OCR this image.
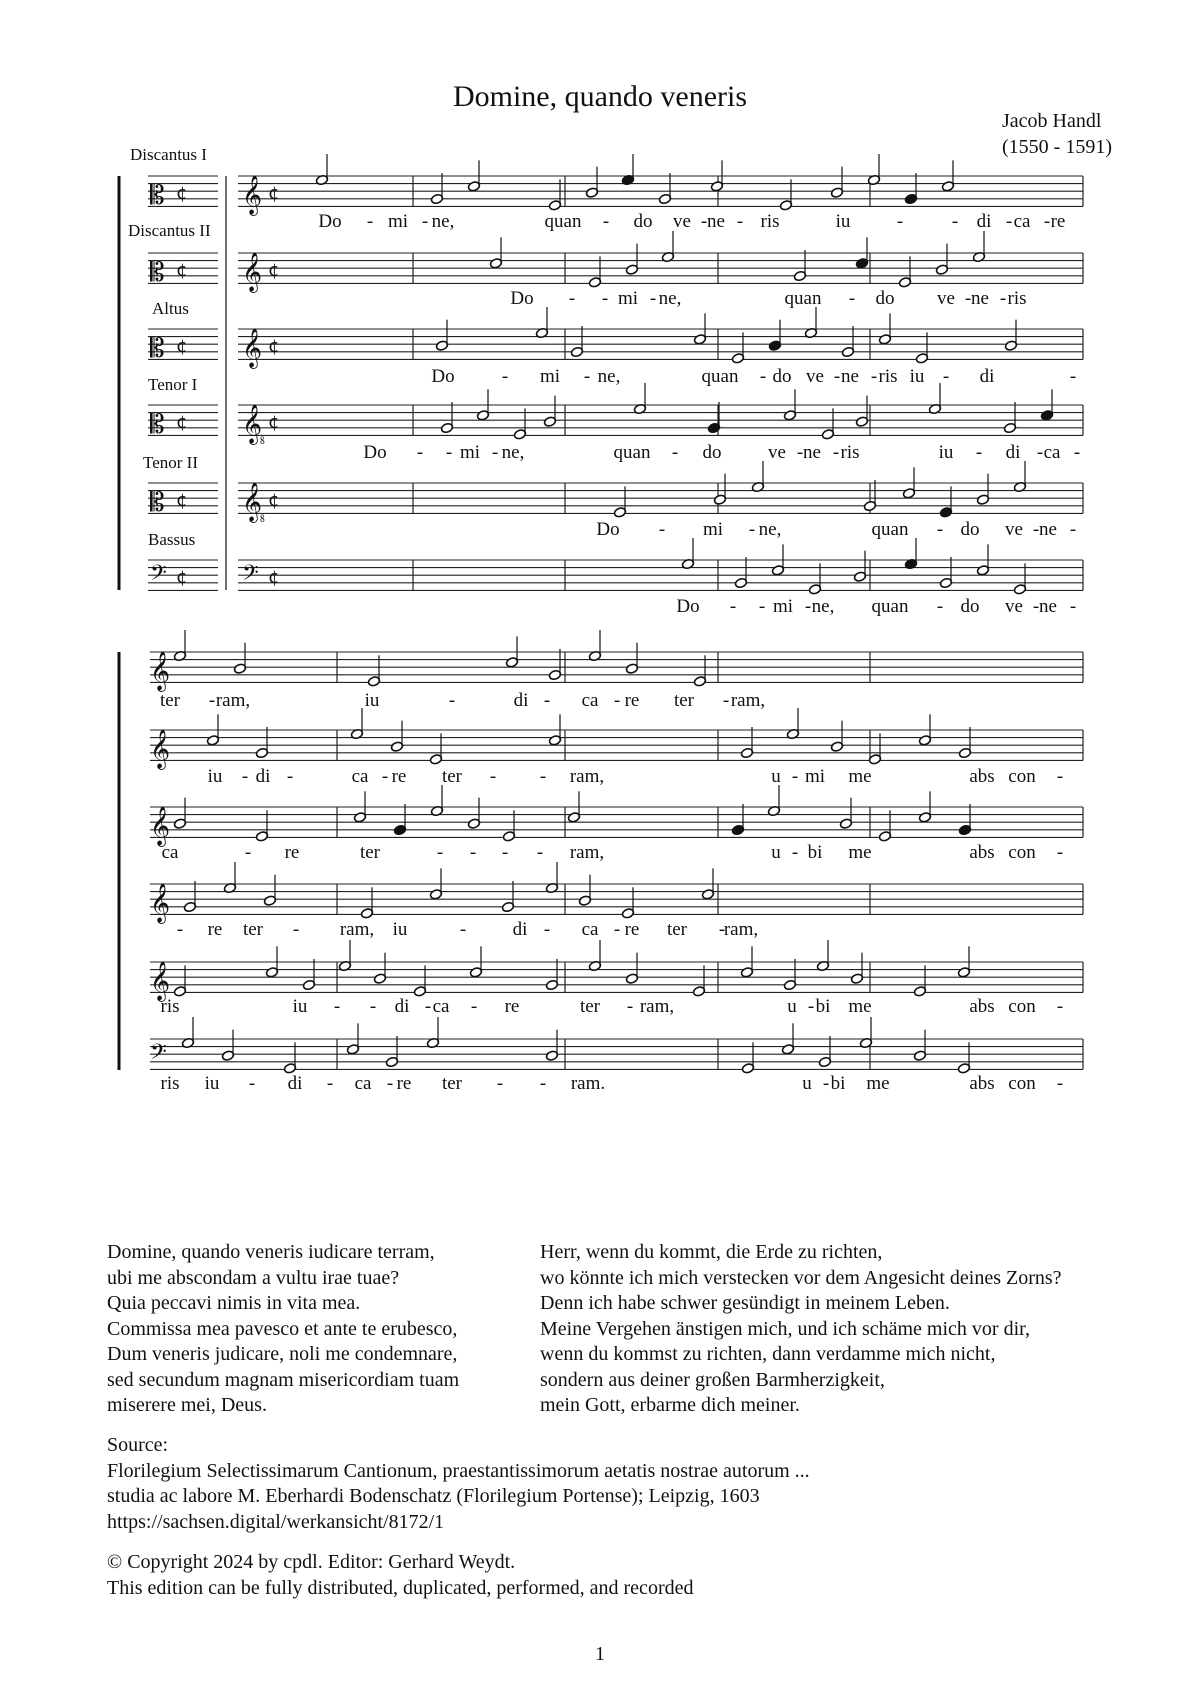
Domine, quando veneris
Jacob Handl
(1550 - 1591)
𝄡 𝄞
¢	¢
𝄡 𝄞
¢	¢
𝄡 𝄞
¢	¢
𝄡 𝄠
¢	¢
𝄡 𝄠
¢	¢
𝄢	𝄢
¢	¢
Discantus I
Discantus II
Altus
Tenor I
Tenor II
Bassus
Do - mi - ne,	quan - do ve - ne - ris	iu -	- di - ca - re
Do - - mi - ne,	quan - do ve - ne - ris
Do - mi - ne,	quan - do ve - ne - ris iu - di	-
Do - - mi - ne,	quan - do ve - ne - ris	iu - di - ca -
Do - mi - ne,	quan - do ve - ne -
Do - - mi - ne, quan - do ve - ne -
𝄞
𝄞
𝄞
𝄞
𝄞
𝄢
ter - ram,	iu	-	di - ca - re ter - ram,
iu - di -	ca - re ter - - ram,	u - mi me	abs con -
ca	- re	ter	- - - - ram,	u - bi me	abs con -
- re ter - ram, iu	- di - ca - re ter -
ram,
ris	iu - - di - ca - re	ter - ram,	u - bi me	abs con -
ris iu - di - ca - re ter - - ram.	u - bi me	abs con -
Domine, quando veneris iudicare terram,
ubi me abscondam a vultu irae tuae?
Quia peccavi nimis in vita mea.
Commissa mea pavesco et ante te erubesco,
Dum veneris judicare, noli me condemnare,
sed secundum magnam misericordiam tuam
miserere mei, Deus.
Herr, wenn du kommt, die Erde zu richten,
wo könnte ich mich verstecken vor dem Angesicht deines Zorns?
Denn ich habe schwer gesündigt in meinem Leben.
Meine Vergehen änstigen mich, und ich schäme mich vor dir,
wenn du kommst zu richten, dann verdamme mich nicht,
sondern aus deiner großen Barmherzigkeit,
mein Gott, erbarme dich meiner.
Source:
Florilegium Selectissimarum Cantionum, praestantissimorum aetatis nostrae autorum ...
studia ac labore M. Eberhardi Bodenschatz (Florilegium Portense); Leipzig, 1603
https://sachsen.digital/werkansicht/8172/1
© Copyright 2024 by cpdl. Editor: Gerhard Weydt.
This edition can be fully distributed, duplicated, performed, and recorded
1
